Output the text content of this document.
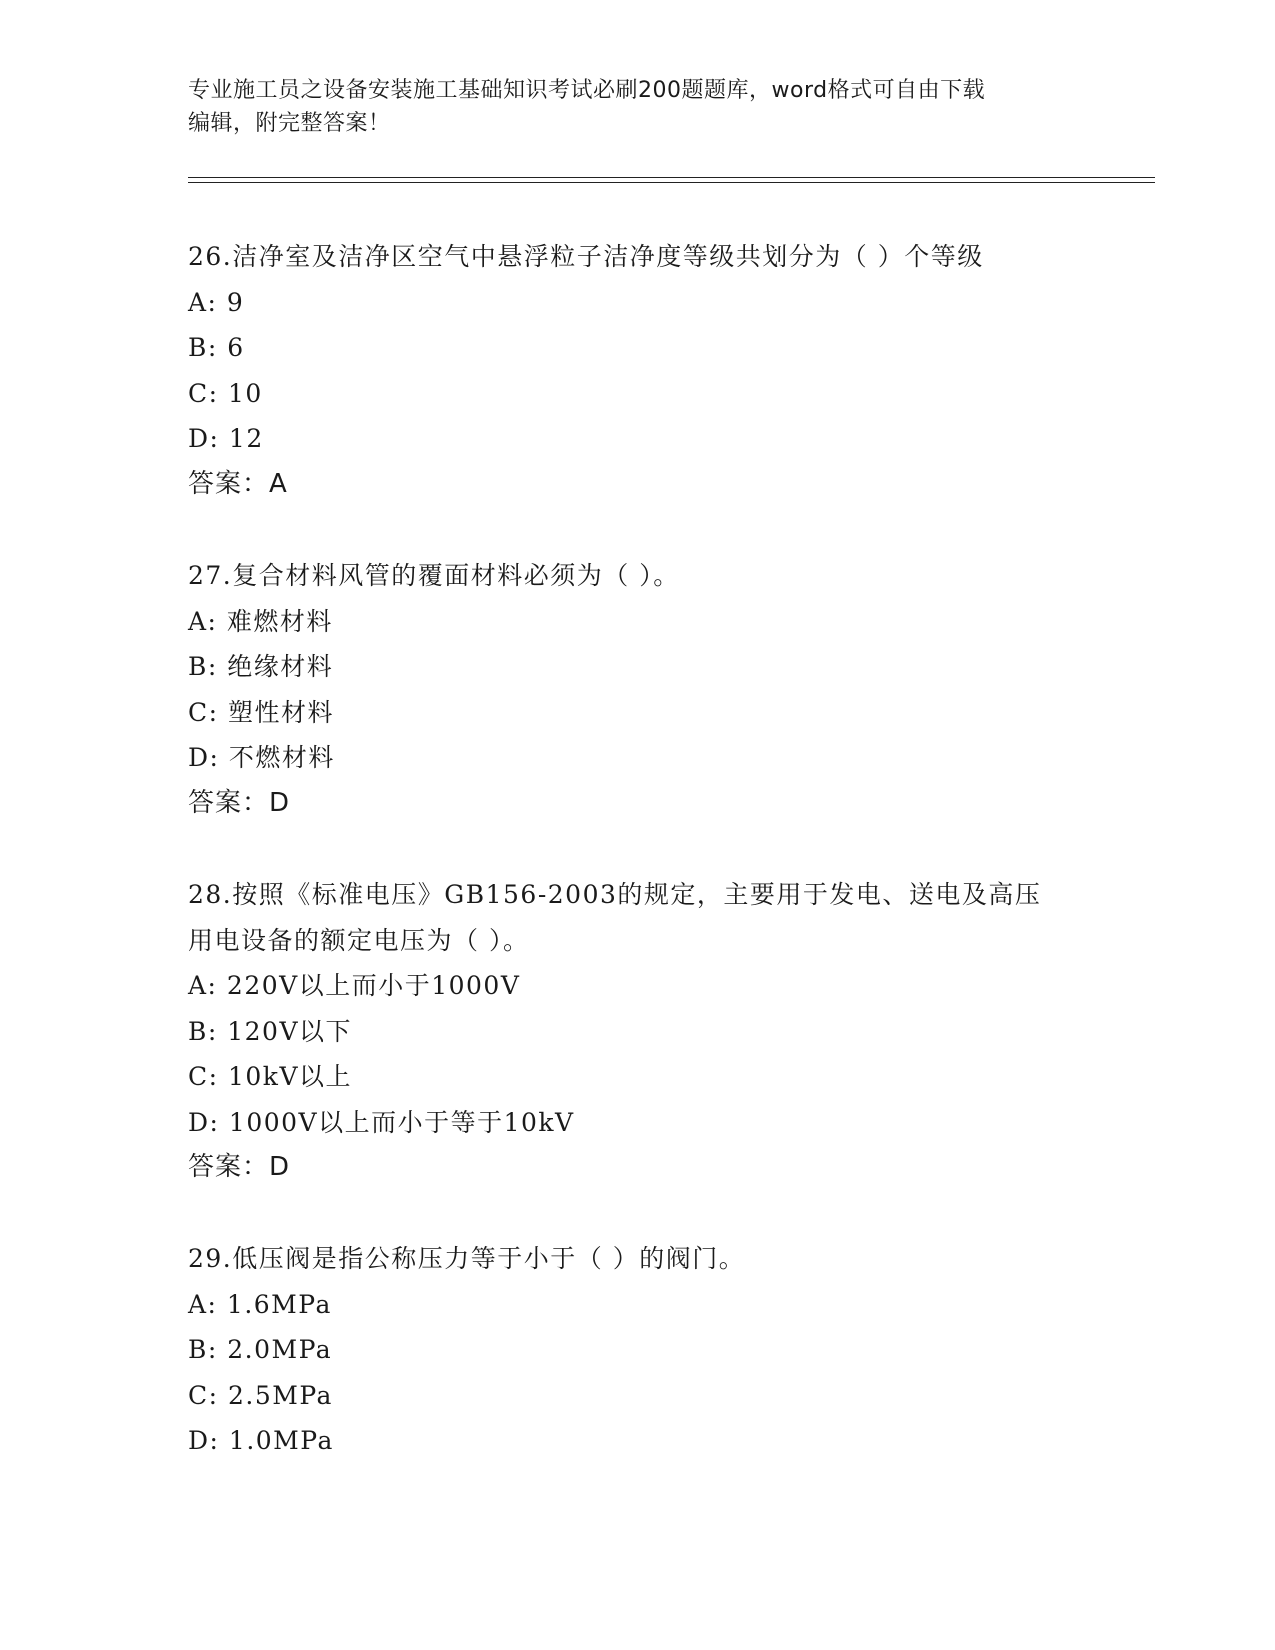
专业施工员之设备安装施工基础知识考试必刷200题题库，word格式可自由下载
编辑，附完整答案！
26.洁净室及洁净区空气中悬浮粒子洁净度等级共划分为（ ）个等级
A: 9
B: 6
C: 10
D: 12
答案：A
27.复合材料风管的覆面材料必须为（ ）。
A: 难燃材料
B: 绝缘材料
C: 塑性材料
D: 不燃材料
答案：D
28.按照《标准电压》GB156-2003的规定，主要用于发电、送电及高压
用电设备的额定电压为（ ）。
A: 220V以上而小于1000V
B: 120V以下
C: 10kV以上
D: 1000V以上而小于等于10kV
答案：D
29.低压阀是指公称压力等于小于（ ）的阀门。
A: 1.6MPa
B: 2.0MPa
C: 2.5MPa
D: 1.0MPa
